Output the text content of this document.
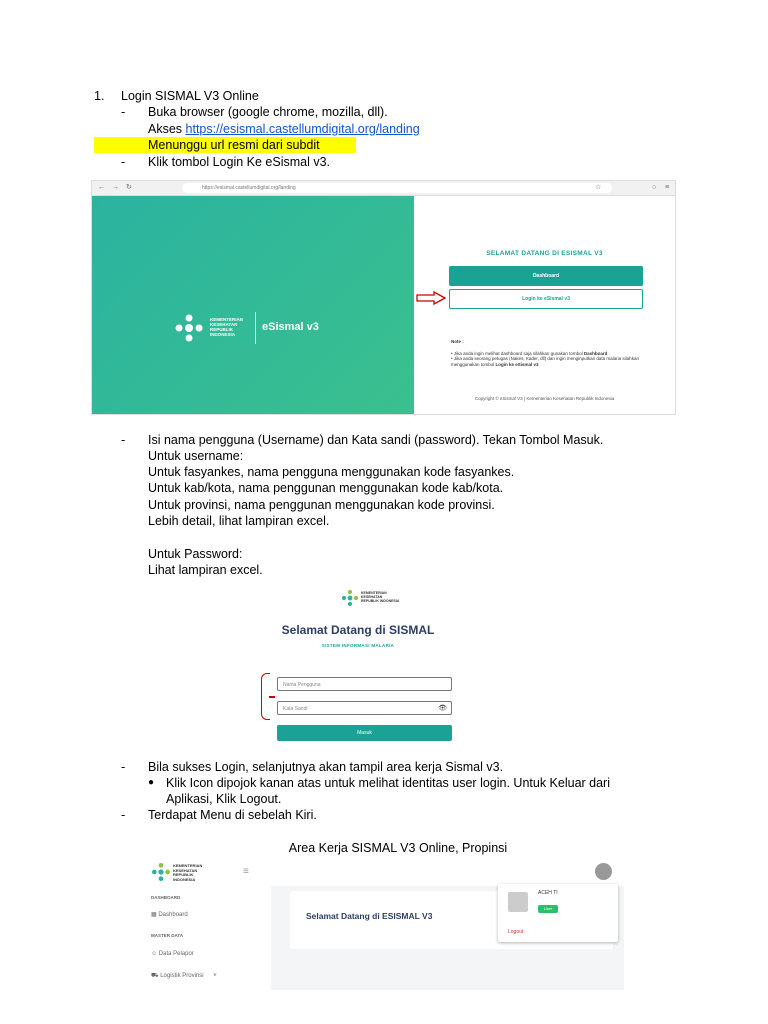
1. Login SISMAL V3 Online
- Buka browser (google chrome, mozilla, dll).
Akses https://esismal.castellumdigital.org/landing
Menunggu url resmi dari subdit
- Klik tombol Login Ke eSismal v3.
← → ↻	https://esismal.castellumdigital.org/landing	☆	○ ≡
KEMENTERIAN KESEHATAN REPUBLIK INDONESIA
eSismal v3
SELAMAT DATANG DI ESISMAL V3
Dashboard
Login ke eSismal v3
Note :
• Jika anda ingin melihat dashboard saja silahkan gunakan tombol Dashboard
• Jika anda seorang petugas (Nakes, Kader, dll) dan ingin menginputkan data malaria silahkan menggunakan tombol Login ke eSismal v3
Copyright © eSismal V3 | Kementerian Kesehatan Republik Indonesia
- Isi nama pengguna (Username) dan Kata sandi (password). Tekan Tombol Masuk.
Untuk username:
Untuk fasyankes, nama pengguna menggunakan kode fasyankes.
Untuk kab/kota, nama penggunan menggunakan kode kab/kota.
Untuk provinsi, nama penggunan menggunakan kode provinsi.
Lebih detail, lihat lampiran excel.
Untuk Password:
Lihat lampiran excel.
KEMENTERIAN KESEHATAN REPUBLIK INDONESIA
Selamat Datang di SISMAL
SISTEM INFORMASI MALARIA
Nama Pengguna
Kata Sandi	👁
Masuk
- Bila sukses Login, selanjutnya akan tampil area kerja Sismal v3.
● Klik Icon dipojok kanan atas untuk melihat identitas user login. Untuk Keluar dari
Aplikasi, Klik Logout.
- Terdapat Menu di sebelah Kiri.
Area Kerja SISMAL V3 Online, Propinsi
KEMENTERIAN KESEHATAN REPUBLIK INDONESIA
≡
DASHBOARD
▦ Dashboard
MASTER DATA
☺ Data Pelapor
⛟ Logistik Provinsi ˅
Selamat Datang di ESISMAL V3
ACEH TI
User
Logout
